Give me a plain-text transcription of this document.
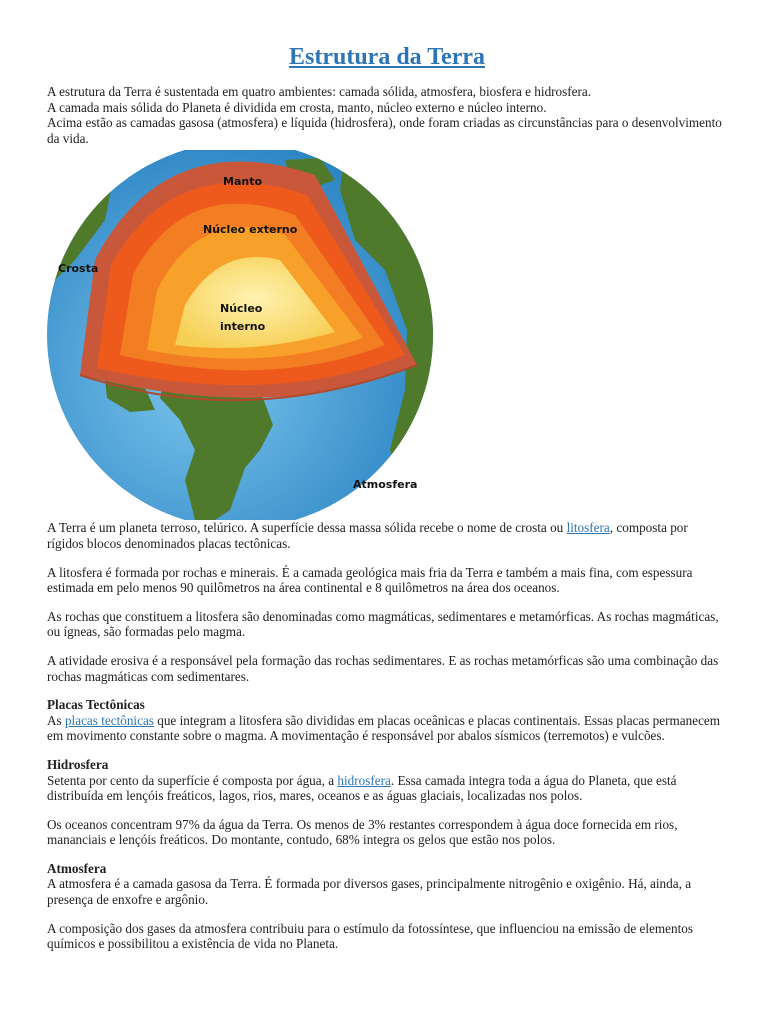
Estrutura da Terra

A estrutura da Terra é sustentada em quatro ambientes: camada sólida, atmosfera, biosfera e hidrosfera.

A camada mais sólida do Planeta é dividida em crosta, manto, núcleo externo e núcleo interno.

Acima estão as camadas gasosa (atmosfera) e líquida (hidrosfera), onde foram criadas as circunstâncias para o desenvolvimento da vida.

Manto
Núcleo externo
Crosta
Núcleo
interno
Atmosfera

A Terra é um planeta terroso, telúrico. A superfície dessa massa sólida recebe o nome de crosta ou litosfera, composta por rígidos blocos denominados placas tectônicas.

A litosfera é formada por rochas e minerais. É a camada geológica mais fria da Terra e também a mais fina, com espessura estimada em pelo menos 90 quilômetros na área continental e 8 quilômetros na área dos oceanos.

As rochas que constituem a litosfera são denominadas como magmáticas, sedimentares e metamórficas. As rochas magmáticas, ou ígneas, são formadas pelo magma.

A atividade erosiva é a responsável pela formação das rochas sedimentares. E as rochas metamórficas são uma combinação das rochas magmáticas com sedimentares.

Placas Tectônicas

As placas tectônicas que integram a litosfera são divididas em placas oceânicas e placas continentais. Essas placas permanecem em movimento constante sobre o magma. A movimentação é responsável por abalos sísmicos (terremotos) e vulcões.

Hidrosfera

Setenta por cento da superfície é composta por água, a hidrosfera. Essa camada integra toda a água do Planeta, que está distribuída em lençóis freáticos, lagos, rios, mares, oceanos e as águas glaciais, localizadas nos polos.

Os oceanos concentram 97% da água da Terra. Os menos de 3% restantes correspondem à água doce fornecida em rios, mananciais e lençóis freáticos. Do montante, contudo, 68% integra os gelos que estão nos polos.

Atmosfera

A atmosfera é a camada gasosa da Terra. É formada por diversos gases, principalmente nitrogênio e oxigênio. Há, ainda, a presença de enxofre e argônio.

A composição dos gases da atmosfera contribuiu para o estímulo da fotossíntese, que influenciou na emissão de elementos químicos e possibilitou a existência de vida no Planeta.
